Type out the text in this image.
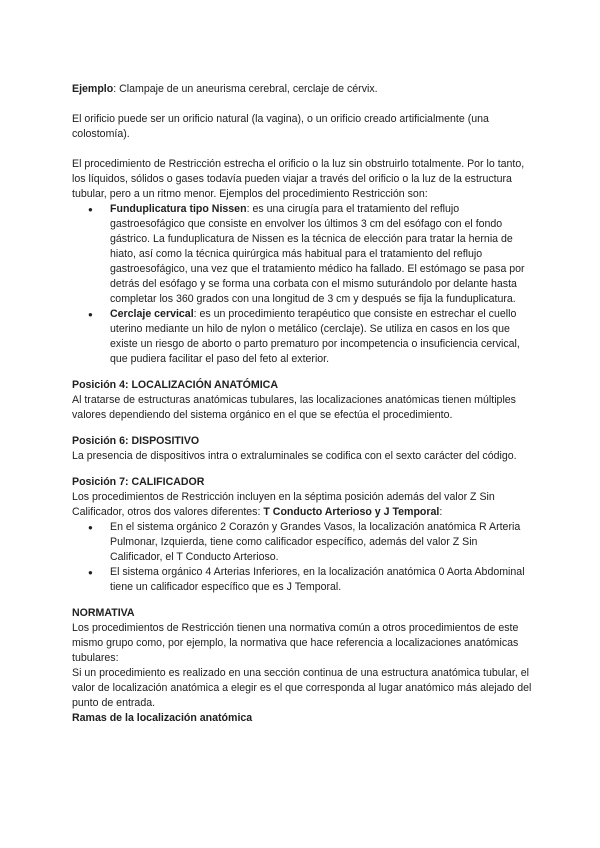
Ejemplo: Clampaje de un aneurisma cerebral, cerclaje de cérvix.

El orificio puede ser un orificio natural (la vagina), o un orificio creado artificialmente (una colostomía).

El procedimiento de Restricción estrecha el orificio o la luz sin obstruirlo totalmente. Por lo tanto, los líquidos, sólidos o gases todavía pueden viajar a través del orificio o la luz de la estructura tubular, pero a un ritmo menor. Ejemplos del procedimiento Restricción son:

● Funduplicatura tipo Nissen: es una cirugía para el tratamiento del reflujo gastroesofágico que consiste en envolver los últimos 3 cm del esófago con el fondo gástrico. La funduplicatura de Nissen es la técnica de elección para tratar la hernia de hiato, así como la técnica quirúrgica más habitual para el tratamiento del reflujo gastroesofágico, una vez que el tratamiento médico ha fallado. El estómago se pasa por detrás del esófago y se forma una corbata con el mismo suturándolo por delante hasta completar los 360 grados con una longitud de 3 cm y después se fija la funduplicatura.
● Cerclaje cervical: es un procedimiento terapéutico que consiste en estrechar el cuello uterino mediante un hilo de nylon o metálico (cerclaje). Se utiliza en casos en los que existe un riesgo de aborto o parto prematuro por incompetencia o insuficiencia cervical, que pudiera facilitar el paso del feto al exterior.

Posición 4: LOCALIZACIÓN ANATÓMICA

Al tratarse de estructuras anatómicas tubulares, las localizaciones anatómicas tienen múltiples valores dependiendo del sistema orgánico en el que se efectúa el procedimiento.

Posición 6: DISPOSITIVO

La presencia de dispositivos intra o extraluminales se codifica con el sexto carácter del código.

Posición 7: CALIFICADOR

Los procedimientos de Restricción incluyen en la séptima posición además del valor Z Sin Calificador, otros dos valores diferentes: T Conducto Arterioso y J Temporal:

● En el sistema orgánico 2 Corazón y Grandes Vasos, la localización anatómica R Arteria Pulmonar, Izquierda, tiene como calificador específico, además del valor Z Sin Calificador, el T Conducto Arterioso.
● El sistema orgánico 4 Arterias Inferiores, en la localización anatómica 0 Aorta Abdominal tiene un calificador específico que es J Temporal.

NORMATIVA

Los procedimientos de Restricción tienen una normativa común a otros procedimientos de este mismo grupo como, por ejemplo, la normativa que hace referencia a localizaciones anatómicas tubulares:

Si un procedimiento es realizado en una sección continua de una estructura anatómica tubular, el valor de localización anatómica a elegir es el que corresponda al lugar anatómico más alejado del punto de entrada.

Ramas de la localización anatómica
